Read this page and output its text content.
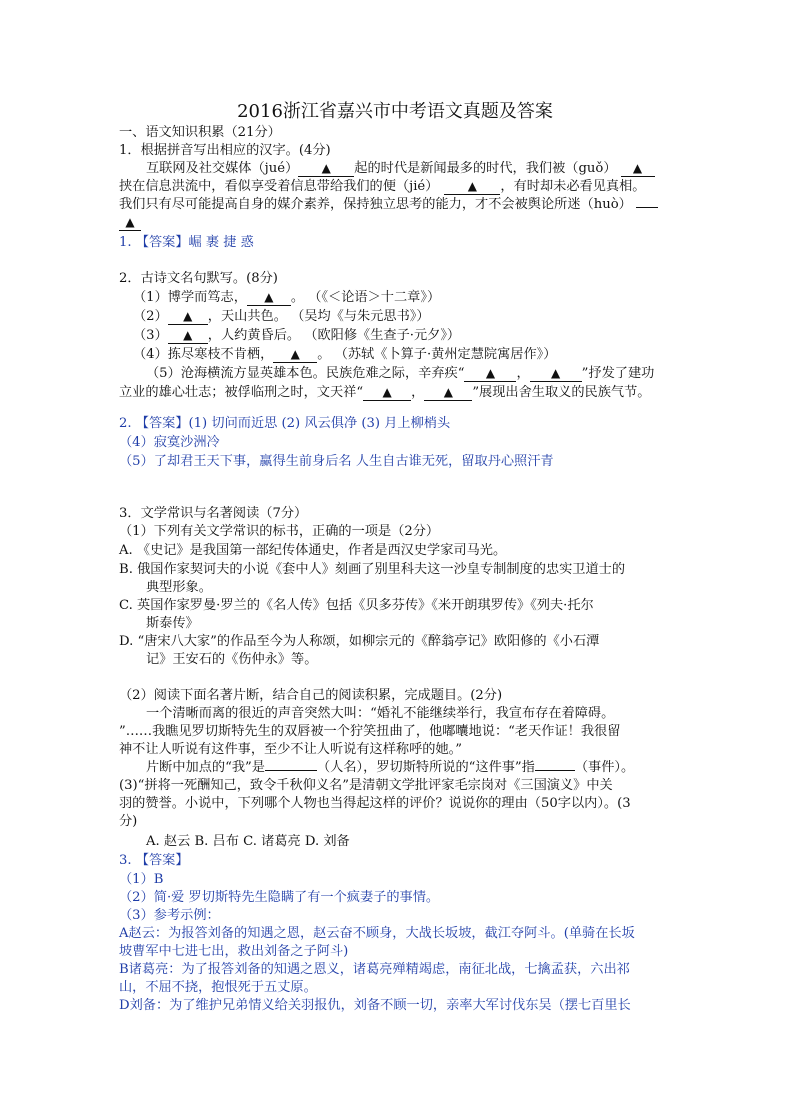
2016浙江省嘉兴市中考语文真题及答案
一、语文知识积累（21分）
1．根据拼音写出相应的汉字。(4分)
互联网及社交媒体（jué） ▲ 起的时代是新闻最多的时代，我们被（guǒ） ▲
挟在信息洪流中，看似享受着信息带给我们的便（jié） ▲ ，有时却未必看见真相。
我们只有尽可能提高自身的媒介素养，保持独立思考的能力，才不会被舆论所迷（huò）
▲
1. 【答案】崛 裹 捷 惑
2．古诗文名句默写。(8分)
（1）博学而笃志， ▲ 。 （《＜论语＞十二章》）
（2） ▲ ，天山共色。 （吴均《与朱元思书》）
（3） ▲ ，人约黄昏后。 （欧阳修《生查子·元夕》）
（4）拣尽寒枝不肯栖， ▲ 。 （苏轼《卜算子·黄州定慧院寓居作》）
（5）沧海横流方显英雄本色。民族危难之际，辛弃疾“ ▲ ， ▲ ”抒发了建功
立业的雄心壮志；被俘临刑之时，文天祥“ ▲ ， ▲ ”展现出舍生取义的民族气节。
2. 【答案】(1) 切问而近思 (2) 风云俱净 (3) 月上柳梢头
（4）寂寞沙洲冷
（5）了却君王天下事，赢得生前身后名 人生自古谁无死，留取丹心照汗青
3．文学常识与名著阅读（7分）
（1）下列有关文学常识的标书，正确的一项是（2分）
A. 《史记》是我国第一部纪传体通史，作者是西汉史学家司马光。
B. 俄国作家契诃夫的小说《套中人》刻画了别里科夫这一沙皇专制制度的忠实卫道士的
典型形象。
C. 英国作家罗曼·罗兰的《名人传》包括《贝多芬传》《米开朗琪罗传》《列夫·托尔
斯泰传》
D. “唐宋八大家”的作品至今为人称颂，如柳宗元的《醉翁亭记》欧阳修的《小石潭
记》王安石的《伤仲永》等。
（2）阅读下面名著片断，结合自己的阅读积累，完成题目。(2分)
一个清晰而离的很近的声音突然大叫：“婚礼不能继续举行，我宣布存在着障碍。
”……我瞧见罗切斯特先生的双唇被一个狞笑扭曲了，他嘟囔地说：“老天作证！我很留
神不让人听说有这件事，至少不让人听说有这样称呼的她。”
片断中加点的“我”是	（人名），罗切斯特所说的“这件事”指	（事件）。
(3)“拼将一死酬知己，致令千秋仰义名”是清朝文学批评家毛宗岗对《三国演义》中关
羽的赞誉。小说中，下列哪个人物也当得起这样的评价？说说你的理由（50字以内）。(3
分)
A. 赵云 B. 吕布 C. 诸葛亮 D. 刘备
3. 【答案】
（1）B
（2）简·爱 罗切斯特先生隐瞒了有一个疯妻子的事情。
（3）参考示例：
A赵云：为报答刘备的知遇之恩，赵云奋不顾身，大战长坂坡，截江夺阿斗。(单骑在长坂
坡曹军中七进七出，救出刘备之子阿斗)
B诸葛亮：为了报答刘备的知遇之恩义，诸葛亮殚精竭虑，南征北战，七擒孟获，六出祁
山，不屈不挠，抱恨死于五丈原。
D刘备：为了维护兄弟情义给关羽报仇，刘备不顾一切，亲率大军讨伐东吴（摆七百里长
